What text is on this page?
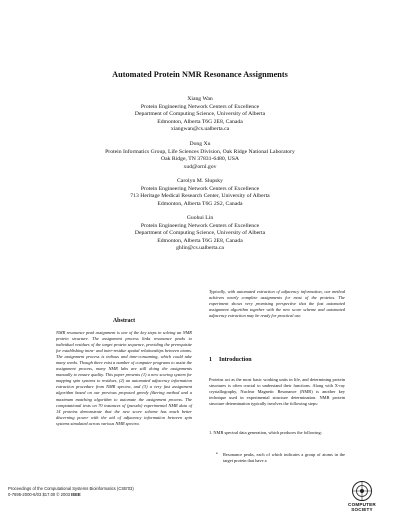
Automated Protein NMR Resonance Assignments
Xiang Wan
Protein Engineering Network Centers of Excellence
Department of Computing Science, University of Alberta
Edmonton, Alberta T6G 2E8, Canada
xiangwan@cs.ualberta.ca
Dong Xu
Protein Informatics Group, Life Sciences Division, Oak Ridge National Laboratory
Oak Ridge, TN 37831-6480, USA
xud@ornl.gov
Carolyn M. Slupsky
Protein Engineering Network Centers of Excellence
713 Heritage Medical Research Center, University of Alberta
Edmonton, Alberta T6G 2S2, Canada
Guohui Lin
Protein Engineering Network Centers of Excellence
Department of Computing Science, University of Alberta
Edmonton, Alberta T6G 2E8, Canada
ghlin@cs.ualberta.ca
Abstract
NMR resonance peak assignment is one of the key steps in solving an NMR protein structure. The assignment process links resonance peaks to individual residues of the target protein sequence, providing the prerequisite for establishing intra- and inter-residue spatial relationships between atoms. The assignment process is tedious and time-consuming, which could take many weeks. Though there exist a number of computer programs to assist the assignment process, many NMR labs are still doing the assignments manually to ensure quality. This paper presents (1) a new scoring system for mapping spin systems to residues, (2) an automated adjacency information extraction procedure from NMR spectra, and (3) a very fast assignment algorithm based on our previous proposed greedy filtering method and a maximum matching algorithm to automate the assignment process. The computational tests on 70 instances of (pseudo) experimental NMR data of 14 proteins demonstrate that the new score scheme has much better discerning power with the aid of adjacency information between spin systems simulated across various NMR spectra.
Typically, with automated extraction of adjacency information, our method achieves nearly complete assignments for most of the proteins. The experiment shows very promising perspective that the fast automated assignment algorithm together with the new score scheme and automated adjacency extraction may be ready for practical use.
1 Introduction
Proteins act as the most basic working units in life, and determining protein structures is often crucial to understand their functions. Along with X-ray crystallography, Nuclear Magnetic Resonance (NMR) is another key technique used in experimental structure determination. NMR protein structure determination typically involves the following steps:
1. NMR spectral data generation, which produces the following:
• Resonance peaks, each of which indicates a group of atoms in the target protein that have a
Proceedings of the Computational Systems Bioinformatics (CSB'03)
0-7695-2000-6/03 $17.00 © 2003 IEEE
COMPUTER
SOCIETY
